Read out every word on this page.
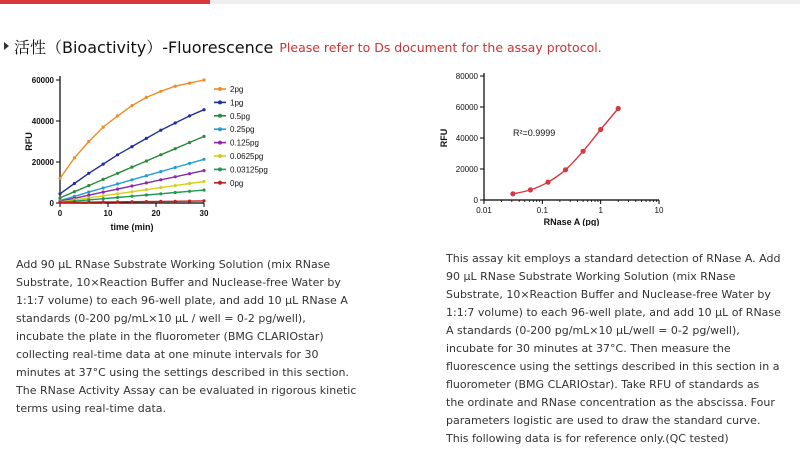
活性（Bioactivity）-Fluorescence Please refer to Ds document for the assay protocol.
0
20000
40000
60000
0	10	20	30
time (min)
RFU
2pg
1pg
0.5pg
0.25pg
0.125pg
0.0625pg
0.03125pg
0pg
0
20000
40000
60000
80000
0.01	0.1	1	10
RNase A (pg)
RFU	R²=0.9999
Add 90 μL RNase Substrate Working Solution (mix RNase
Substrate, 10×Reaction Buffer and Nuclease-free Water by
1:1:7 volume) to each 96-well plate, and add 10 μL RNase A
standards (0-200 pg/mL×10 μL / well = 0-2 pg/well),
incubate the plate in the fluorometer (BMG CLARIOstar)
collecting real-time data at one minute intervals for 30
minutes at 37°C using the settings described in this section.
The RNase Activity Assay can be evaluated in rigorous kinetic
terms using real-time data.
This assay kit employs a standard detection of RNase A. Add
90 μL RNase Substrate Working Solution (mix RNase
Substrate, 10×Reaction Buffer and Nuclease-free Water by
1:1:7 volume) to each 96-well plate, and add 10 μL of RNase
A standards (0-200 pg/mL×10 μL/well = 0-2 pg/well),
incubate for 30 minutes at 37°C. Then measure the
fluorescence using the settings described in this section in a
fluorometer (BMG CLARIOstar). Take RFU of standards as
the ordinate and RNase concentration as the abscissa. Four
parameters logistic are used to draw the standard curve.
This following data is for reference only.(QC tested)
